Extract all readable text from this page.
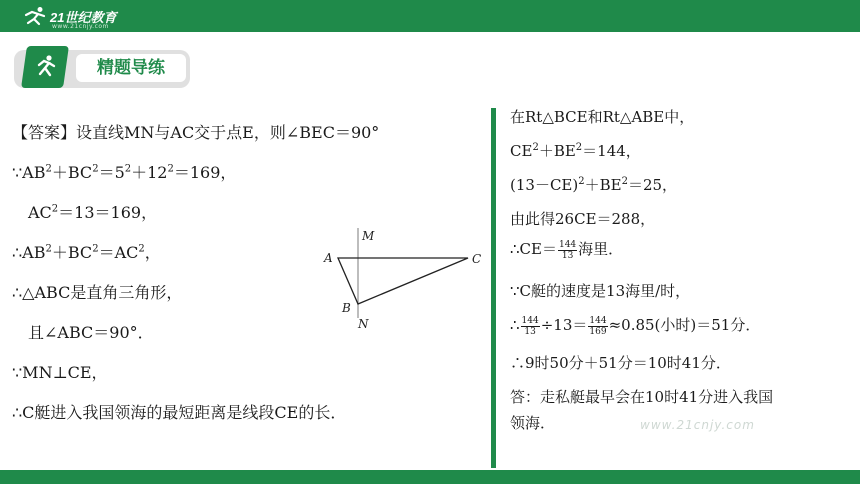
21世纪教育
www.21cnjy.com
精题导练
【答案】设直线MN与AC交于点E，则∠BEC＝90°
$\because AB^2+BC^2=5^2+12^2=169$，
$AC^2=13=169$，
$\therefore AB^2+BC^2=AC^2$，
∴△ABC是直角三角形，
且∠ABC＝90°．
∵MN⊥CE，
∴C艇进入我国领海的最短距离是线段CE的长．
M
A	C
B
N
在Rt△BCE和Rt△ABE中，
$CE^2+BE^2=144$，
$(13-CE)^2+BE^2=25$，
由此得26CE＝288，
∴CE＝ $\frac{144}{13}$ 海里．
∵C艇的速度是13海里/时，
∴ $\frac{144}{13} \div 13= \frac{144}{169} \approx 0.85$(小时)＝51分．
∴9时50分＋51分＝10时41分．
答：走私艇最早会在10时41分进入我国
领海．	www.21cnjy.com
